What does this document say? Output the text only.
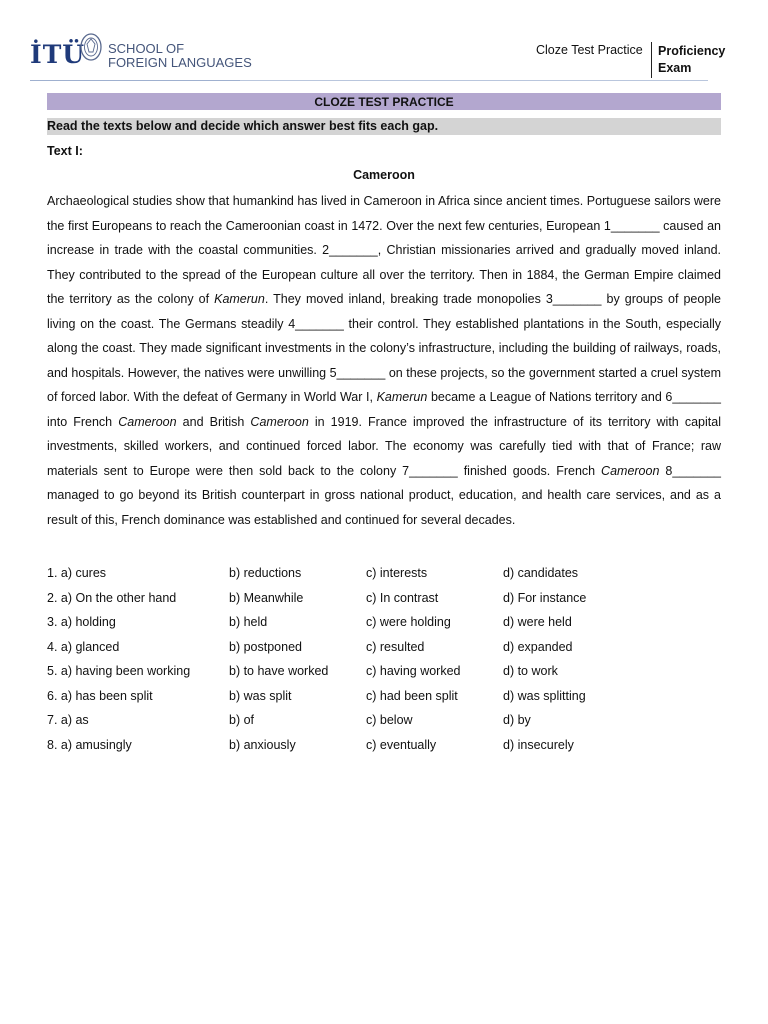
İTÜ SCHOOL OF
FOREIGN LANGUAGES
Cloze Test Practice Proficiency
Exam
CLOZE TEST PRACTICE
Read the texts below and decide which answer best fits each gap.
Text I:
Cameroon

Archaeological studies show that humankind has lived in Cameroon in Africa since ancient times. Portuguese sailors were the first Europeans to reach the Cameroonian coast in 1472. Over the next few centuries, European 1_______ caused an increase in trade with the coastal communities. 2_______, Christian missionaries arrived and gradually moved inland. They contributed to the spread of the European culture all over the territory. Then in 1884, the German Empire claimed the territory as the colony of Kamerun. They moved inland, breaking trade monopolies 3_______ by groups of people living on the coast. The Germans steadily 4_______ their control. They established plantations in the South, especially along the coast. They made significant investments in the colony’s infrastructure, including the building of railways, roads, and hospitals. However, the natives were unwilling 5_______ on these projects, so the government started a cruel system of forced labor. With the defeat of Germany in World War I, Kamerun became a League of Nations territory and 6_______ into French Cameroon and British Cameroon in 1919. France improved the infrastructure of its territory with capital investments, skilled workers, and continued forced labor. The economy was carefully tied with that of France; raw materials sent to Europe were then sold back to the colony 7_______ finished goods. French Cameroon 8_______ managed to go beyond its British counterpart in gross national product, education, and health care services, and as a result of this, French dominance was established and continued for several decades.

1. a) cures	b) reductions	c) interests	d) candidates
2. a) On the other hand	b) Meanwhile	c) In contrast	d) For instance
3. a) holding	b) held	c) were holding	d) were held
4. a) glanced	b) postponed	c) resulted	d) expanded
5. a) having been working	b) to have worked	c) having worked	d) to work
6. a) has been split	b) was split	c) had been split	d) was splitting
7. a) as	b) of	c) below	d) by
8. a) amusingly	b) anxiously	c) eventually	d) insecurely
